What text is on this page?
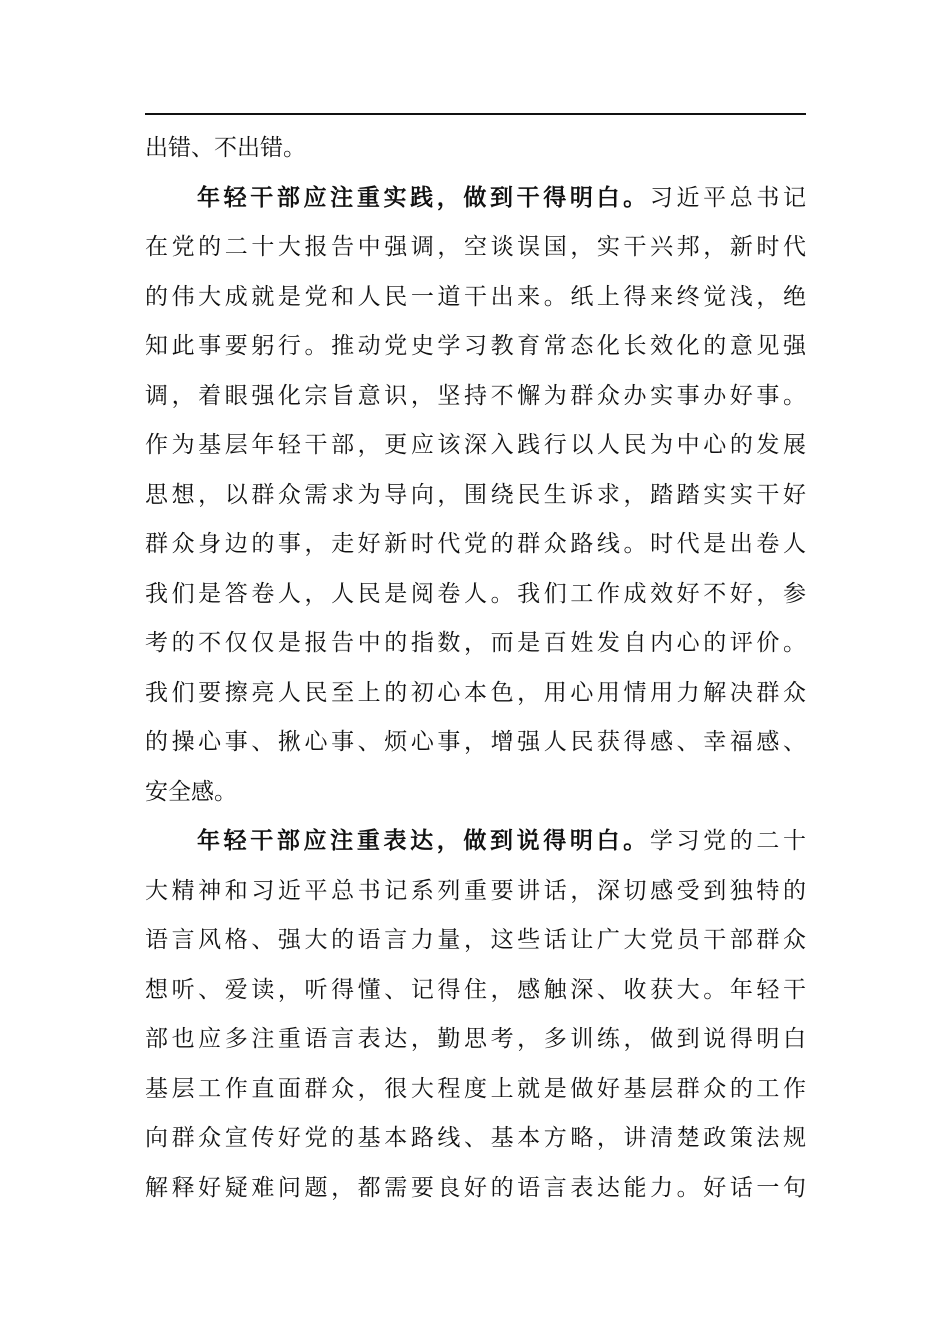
出错、不出错。
年轻干部应注重实践，做到干得明白。习近平总书记
在党的二十大报告中强调，空谈误国，实干兴邦，新时代
的伟大成就是党和人民一道干出来。纸上得来终觉浅，绝
知此事要躬行。推动党史学习教育常态化长效化的意见强
调，着眼强化宗旨意识，坚持不懈为群众办实事办好事。
作为基层年轻干部，更应该深入践行以人民为中心的发展
思想，以群众需求为导向，围绕民生诉求，踏踏实实干好
群众身边的事，走好新时代党的群众路线。时代是出卷人
我们是答卷人，人民是阅卷人。我们工作成效好不好，参
考的不仅仅是报告中的指数，而是百姓发自内心的评价。
我们要擦亮人民至上的初心本色，用心用情用力解决群众
的操心事、揪心事、烦心事，增强人民获得感、幸福感、
安全感。
年轻干部应注重表达，做到说得明白。学习党的二十
大精神和习近平总书记系列重要讲话，深切感受到独特的
语言风格、强大的语言力量，这些话让广大党员干部群众
想听、爱读，听得懂、记得住，感触深、收获大。年轻干
部也应多注重语言表达，勤思考，多训练，做到说得明白
基层工作直面群众，很大程度上就是做好基层群众的工作
向群众宣传好党的基本路线、基本方略，讲清楚政策法规
解释好疑难问题，都需要良好的语言表达能力。好话一句
